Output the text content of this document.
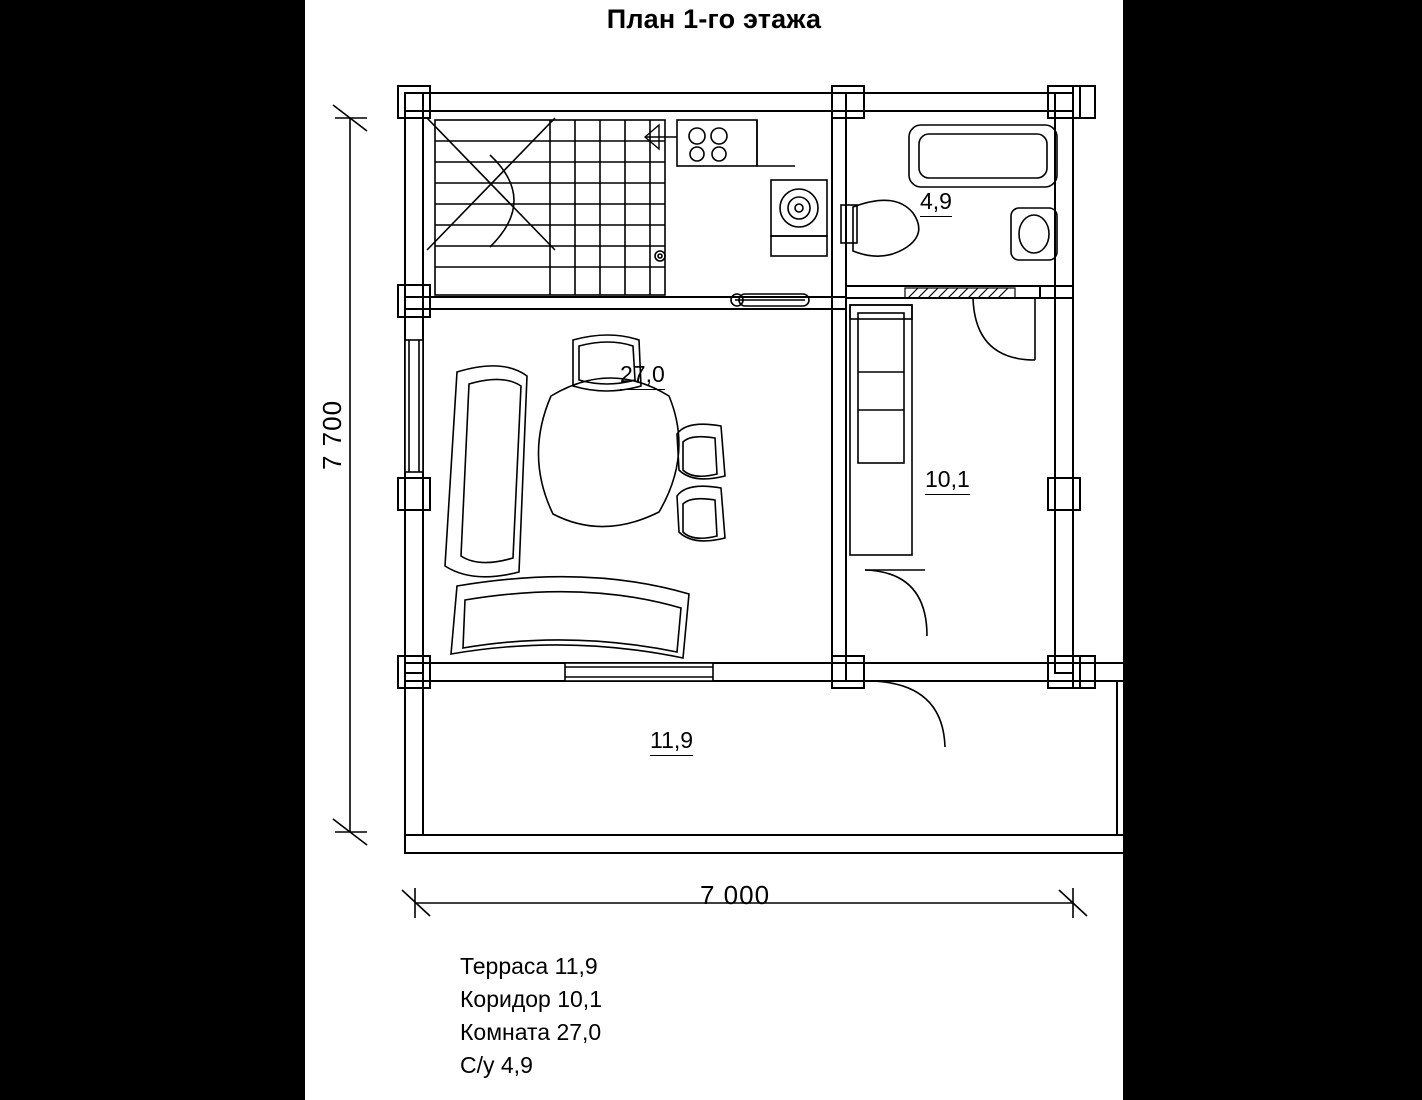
План 1-го этажа
27,0
4,9
10,1
11,9
7 000
7 700
Терраса 11,9
Коридор 10,1
Комната 27,0
С/у 4,9
